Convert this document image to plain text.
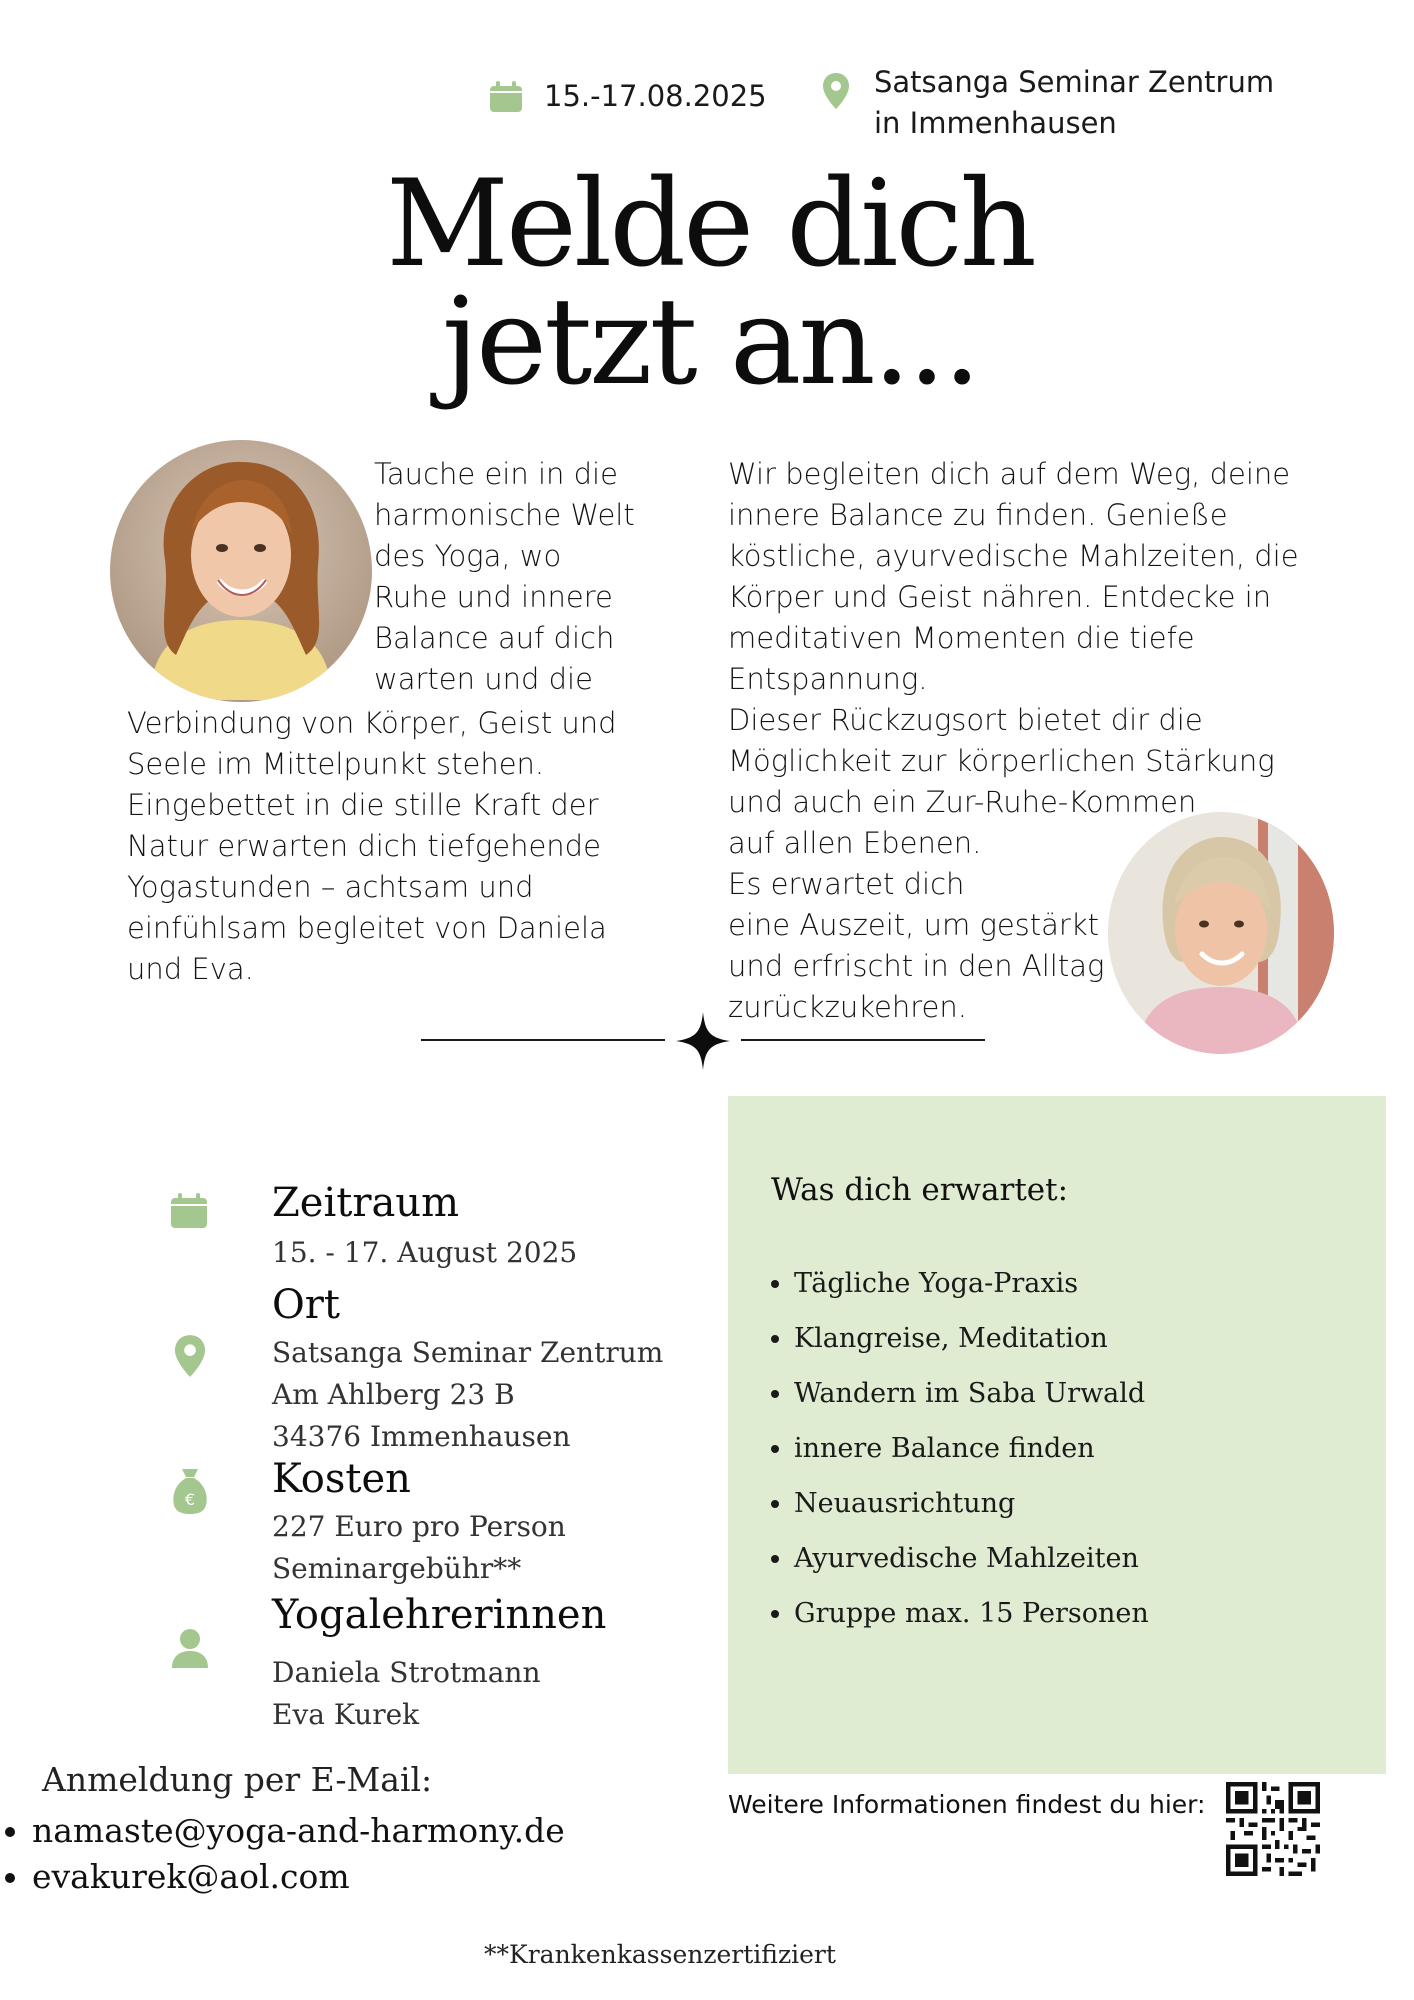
15.-17.08.2025	Satsanga Seminar Zentrum
in Immenhausen
Melde dich
jetzt an...
Tauche ein in die
harmonische Welt
des Yoga, wo
Ruhe und innere
Balance auf dich
warten und die
Verbindung von Körper, Geist und
Seele im Mittelpunkt stehen.
Eingebettet in die stille Kraft der
Natur erwarten dich tiefgehende
Yogastunden – achtsam und
einfühlsam begleitet von Daniela
und Eva.
Wir begleiten dich auf dem Weg, deine
innere Balance zu finden. Genieße
köstliche, ayurvedische Mahlzeiten, die
Körper und Geist nähren. Entdecke in
meditativen Momenten die tiefe
Entspannung.
Dieser Rückzugsort bietet dir die
Möglichkeit zur körperlichen Stärkung
und auch ein Zur-Ruhe-Kommen
auf allen Ebenen.
Es erwartet dich
eine Auszeit, um gestärkt
und erfrischt in den Alltag
zurückzukehren.
€
Zeitraum
15. - 17. August 2025
Ort
Satsanga Seminar Zentrum
Am Ahlberg 23 B
34376 Immenhausen
Kosten
227 Euro pro Person
Seminargebühr**
Yogalehrerinnen
Daniela Strotmann
Eva Kurek
Was dich erwartet:
• Tägliche Yoga-Praxis
• Klangreise, Meditation
• Wandern im Saba Urwald
• innere Balance finden
• Neuausrichtung
• Ayurvedische Mahlzeiten
• Gruppe max. 15 Personen
Anmeldung per E-Mail:
• namaste@yoga-and-harmony.de
• evakurek@aol.com
Weitere Informationen findest du hier:
**Krankenkassenzertifiziert
